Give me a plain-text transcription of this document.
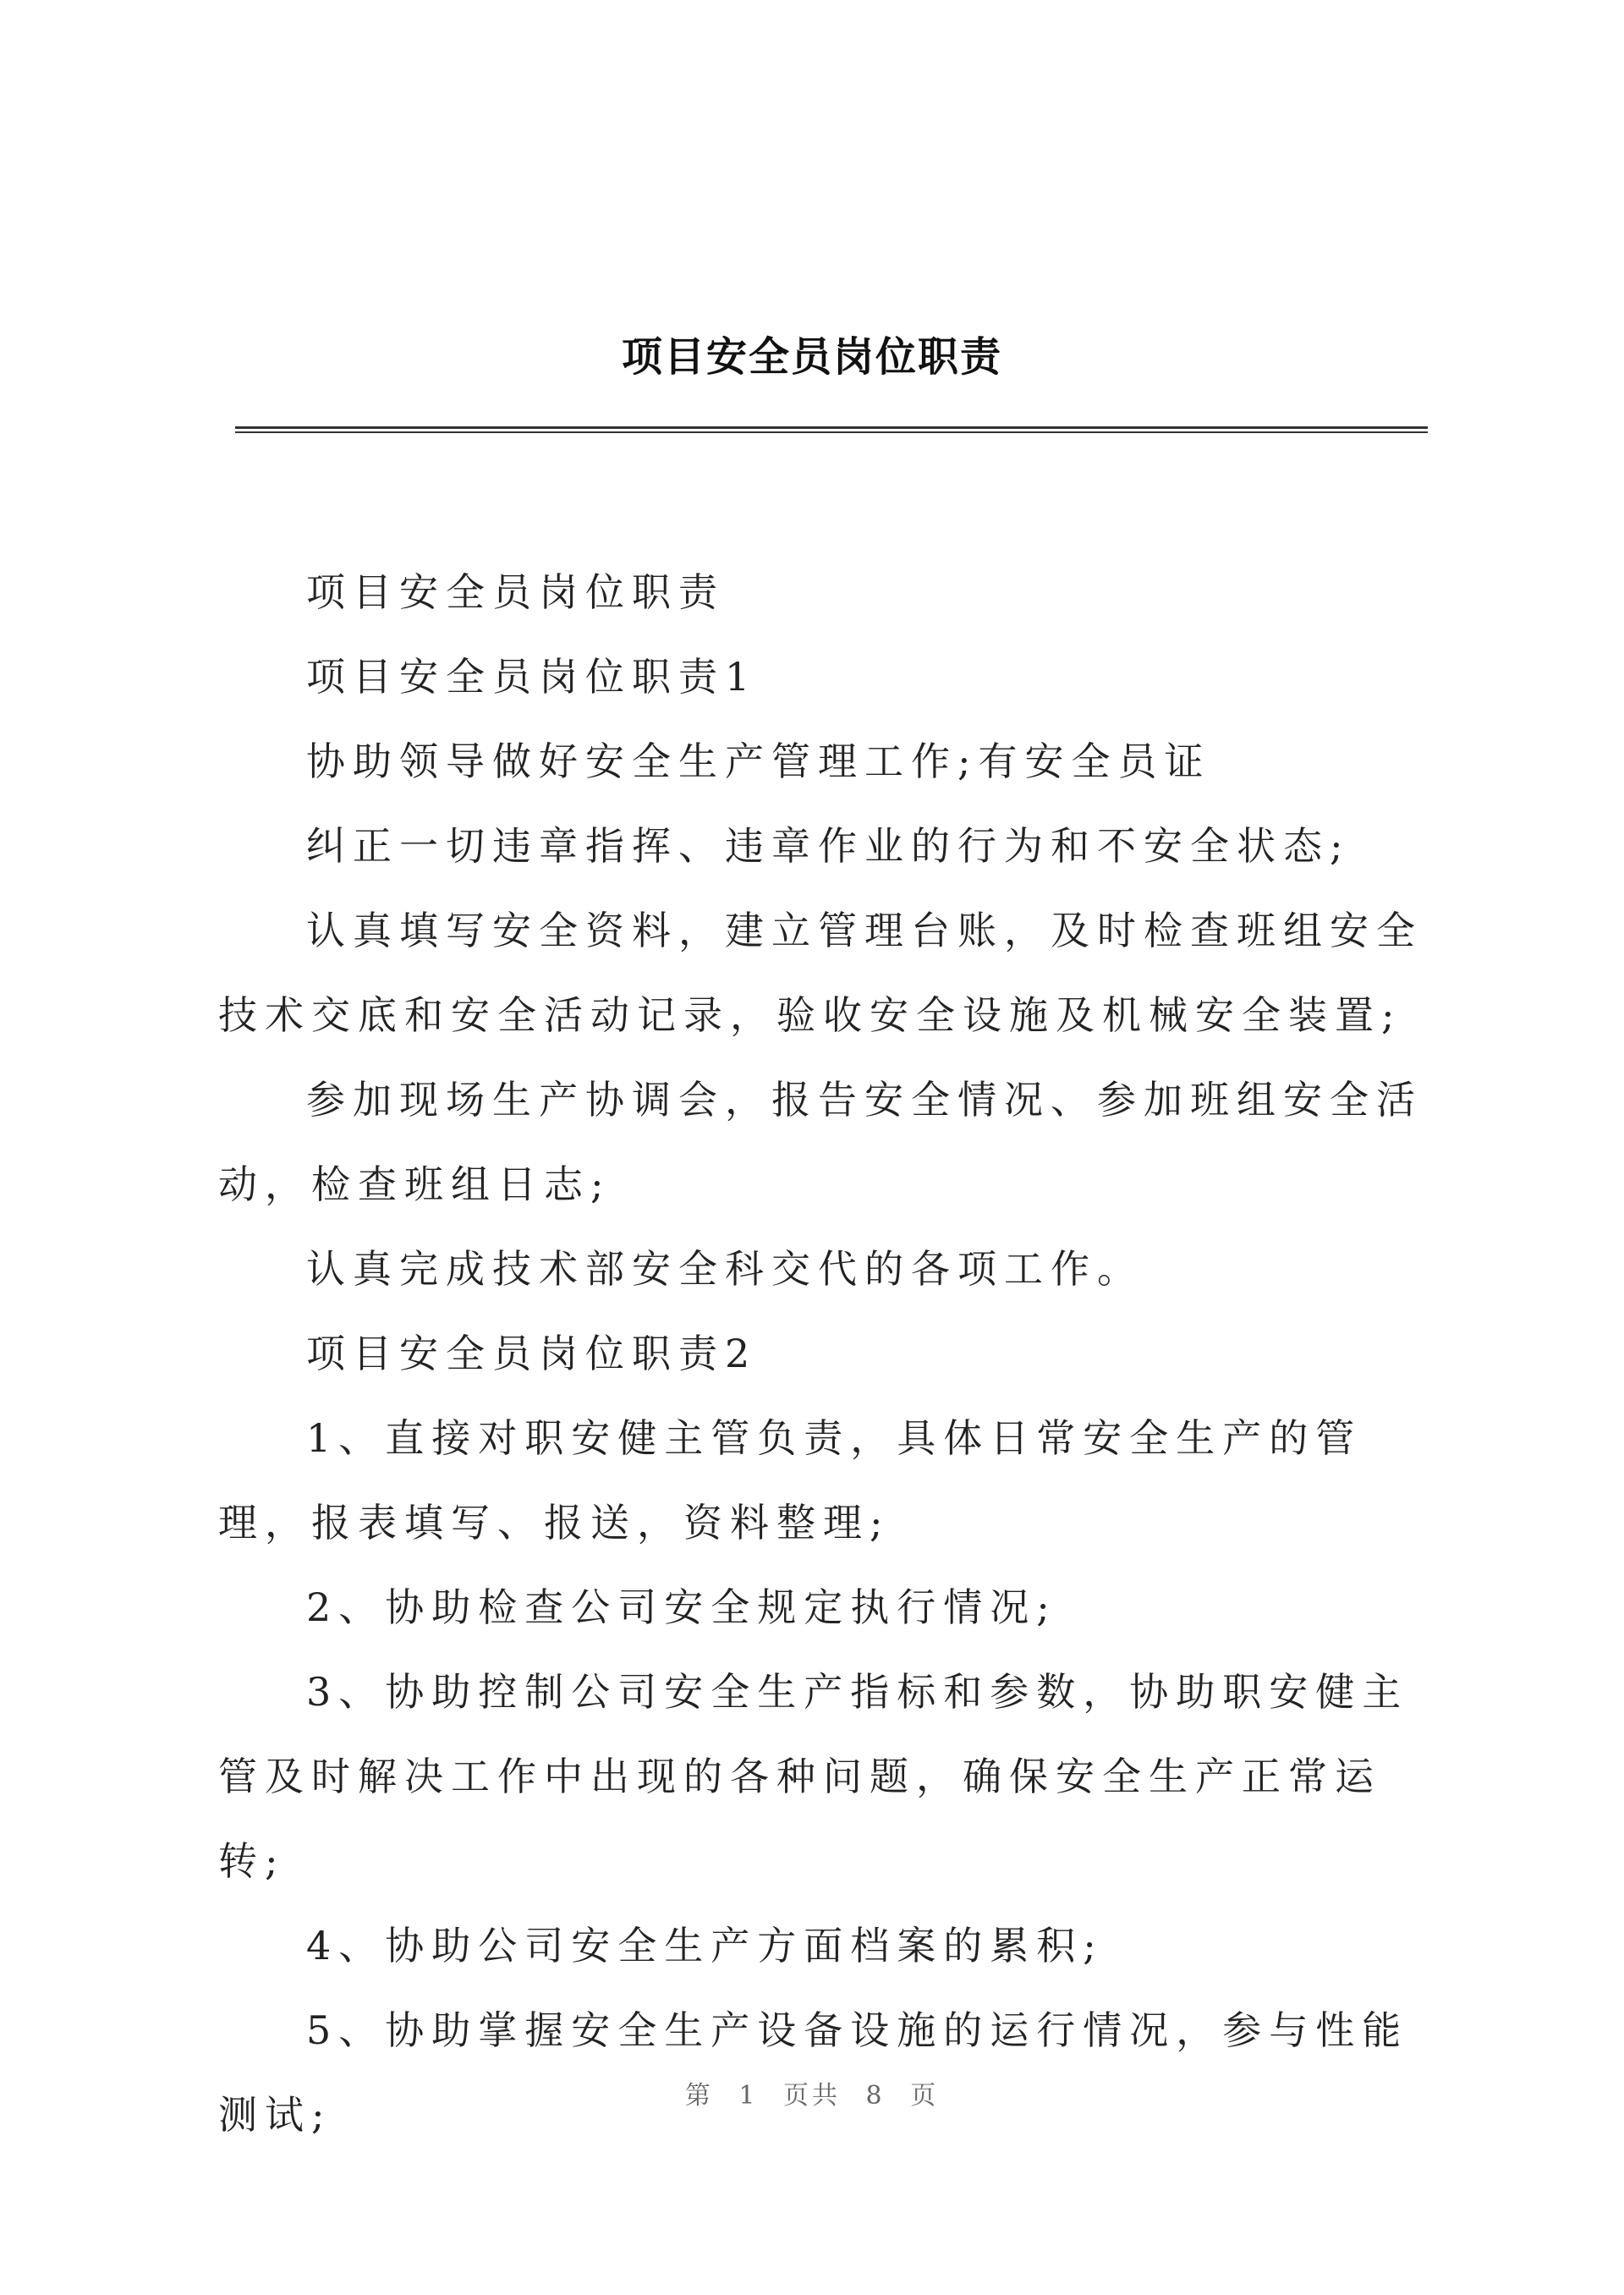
项目安全员岗位职责

项目安全员岗位职责

项目安全员岗位职责1

协助领导做好安全生产管理工作;有安全员证

纠正一切违章指挥、违章作业的行为和不安全状态;

认真填写安全资料，建立管理台账，及时检查班组安全技术交底和安全活动记录，验收安全设施及机械安全装置;

参加现场生产协调会，报告安全情况、参加班组安全活动，检查班组日志;

认真完成技术部安全科交代的各项工作。

项目安全员岗位职责2

1、直接对职安健主管负责，具体日常安全生产的管理，报表填写、报送，资料整理;

2、协助检查公司安全规定执行情况;

3、协助控制公司安全生产指标和参数，协助职安健主管及时解决工作中出现的各种问题，确保安全生产正常运转;

4、协助公司安全生产方面档案的累积;

5、协助掌握安全生产设备设施的运行情况，参与性能测试;	第 1 页共 8 页
